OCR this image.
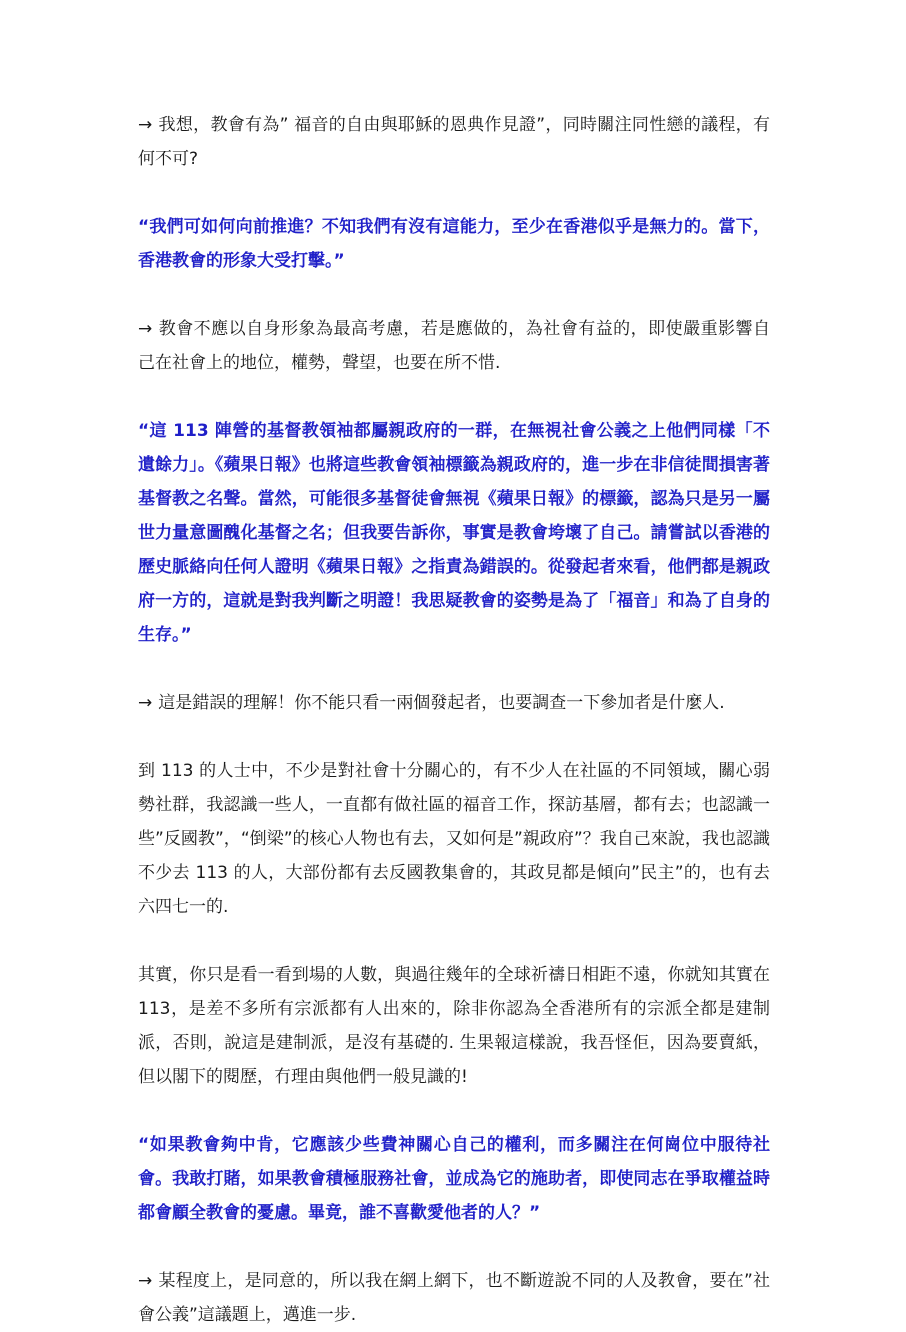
→ 我想，教會有為” 福音的自由與耶穌的恩典作見證”，同時關注同性戀的議程，有何不可?

“我們可如何向前推進？不知我們有沒有這能力，至少在香港似乎是無力的。當下，香港教會的形象大受打擊。”

→ 教會不應以自身形象為最高考慮，若是應做的，為社會有益的，即使嚴重影響自己在社會上的地位，權勢，聲望，也要在所不惜.

“這 113 陣營的基督教領袖都屬親政府的一群，在無視社會公義之上他們同樣「不遺餘力」。《蘋果日報》也將這些教會領袖標籤為親政府的，進一步在非信徒間損害著基督教之名聲。當然，可能很多基督徒會無視《蘋果日報》的標籤，認為只是另一屬世力量意圖醜化基督之名；但我要告訴你，事實是教會垮壞了自己。請嘗試以香港的歷史脈絡向任何人證明《蘋果日報》之指責為錯誤的。從發起者來看，他們都是親政府一方的，這就是對我判斷之明證！我思疑教會的姿勢是為了「福音」和為了自身的生存。”

→ 這是錯誤的理解！你不能只看一兩個發起者，也要調查一下參加者是什麼人.

到 113 的人士中，不少是對社會十分關心的，有不少人在社區的不同領域，關心弱勢社群，我認識一些人，一直都有做社區的福音工作，探訪基層，都有去；也認識一些”反國教”，“倒梁”的核心人物也有去，又如何是”親政府”？我自己來說，我也認識不少去 113 的人，大部份都有去反國教集會的，其政見都是傾向”民主”的，也有去六四七一的.

其實，你只是看一看到場的人數，與過往幾年的全球祈禱日相距不遠，你就知其實在 113，是差不多所有宗派都有人出來的，除非你認為全香港所有的宗派全都是建制派，否則，說這是建制派，是沒有基礎的. 生果報這樣說，我吾怪佢，因為要賣紙，但以閣下的閱歷，冇理由與他們一般見識的!

“如果教會夠中肯，它應該少些費神關心自己的權利，而多關注在何崗位中服待社會。我敢打賭，如果教會積極服務社會，並成為它的施助者，即使同志在爭取權益時都會顧全教會的憂慮。畢竟，誰不喜歡愛他者的人？”

→ 某程度上，是同意的，所以我在網上網下，也不斷遊說不同的人及教會，要在”社會公義”這議題上，邁進一步.
